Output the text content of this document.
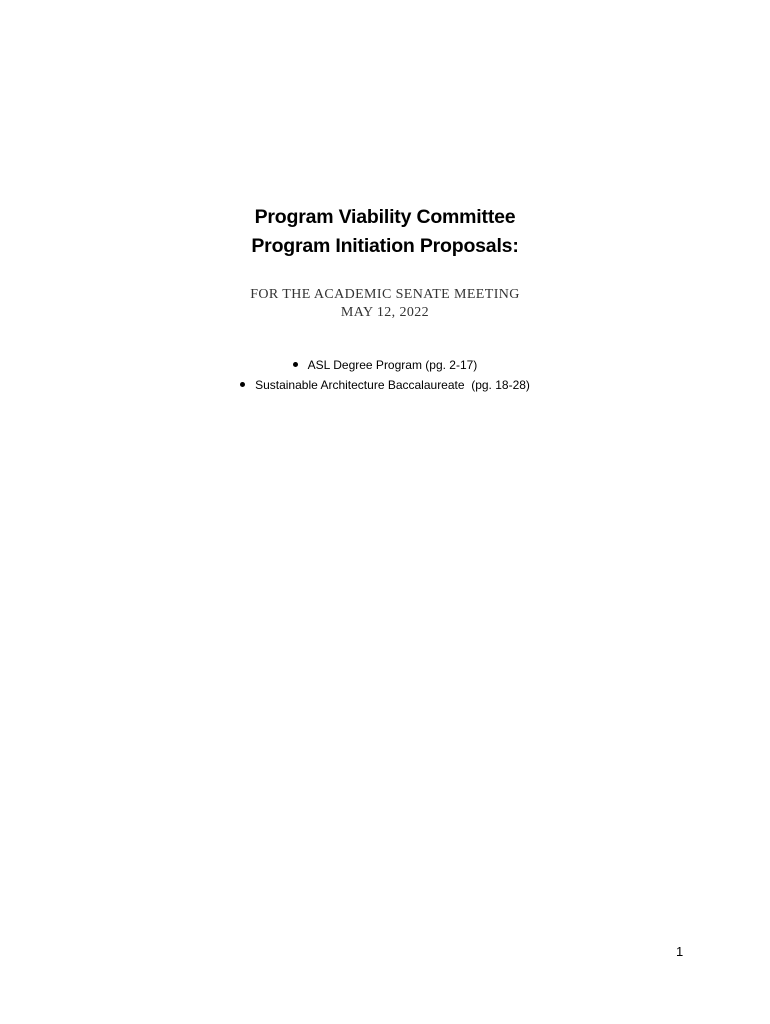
Program Viability Committee
Program Initiation Proposals:
FOR THE ACADEMIC SENATE MEETING
MAY 12, 2022
ASL Degree Program (pg. 2-17)
Sustainable Architecture Baccalaureate  (pg. 18-28)
1
